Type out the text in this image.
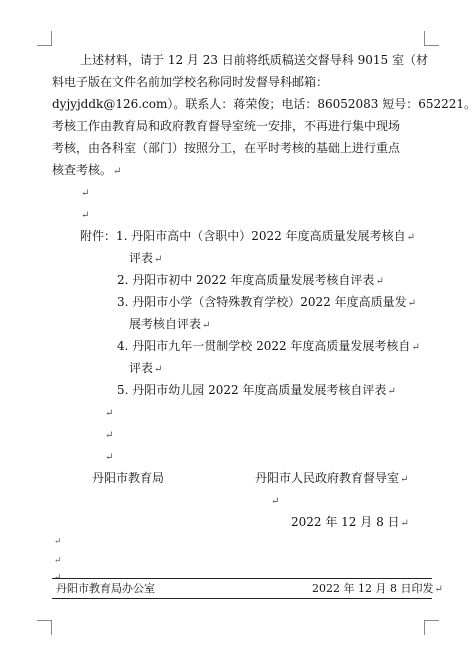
上述材料，请于 12 月 23 日前将纸质稿送交督导科 9015 室（材
料电子版在文件名前加学校名称同时发督导科邮箱：
dyjyjddk@126.com）。联系人：蒋荣俊；电话：86052083 短号：652221。
考核工作由教育局和政府教育督导室统一安排，不再进行集中现场
考核，由各科室（部门）按照分工，在平时考核的基础上进行重点
核查考核。↵
↵
↵
附件：1. 丹阳市高中（含职中）2022 年度高质量发展考核自↵
评表↵
2. 丹阳市初中 2022 年度高质量发展考核自评表↵
3. 丹阳市小学（含特殊教育学校）2022 年度高质量发↵
展考核自评表↵
4. 丹阳市九年一贯制学校 2022 年度高质量发展考核自↵
评表↵
5. 丹阳市幼儿园 2022 年度高质量发展考核自评表↵
↵
↵
↵
丹阳市教育局	丹阳市人民政府教育督导室↵
↵
2022 年 12 月 8 日↵
↵
↵
↵
丹阳市教育局办公室	2022 年 12 月 8 日印发↵
